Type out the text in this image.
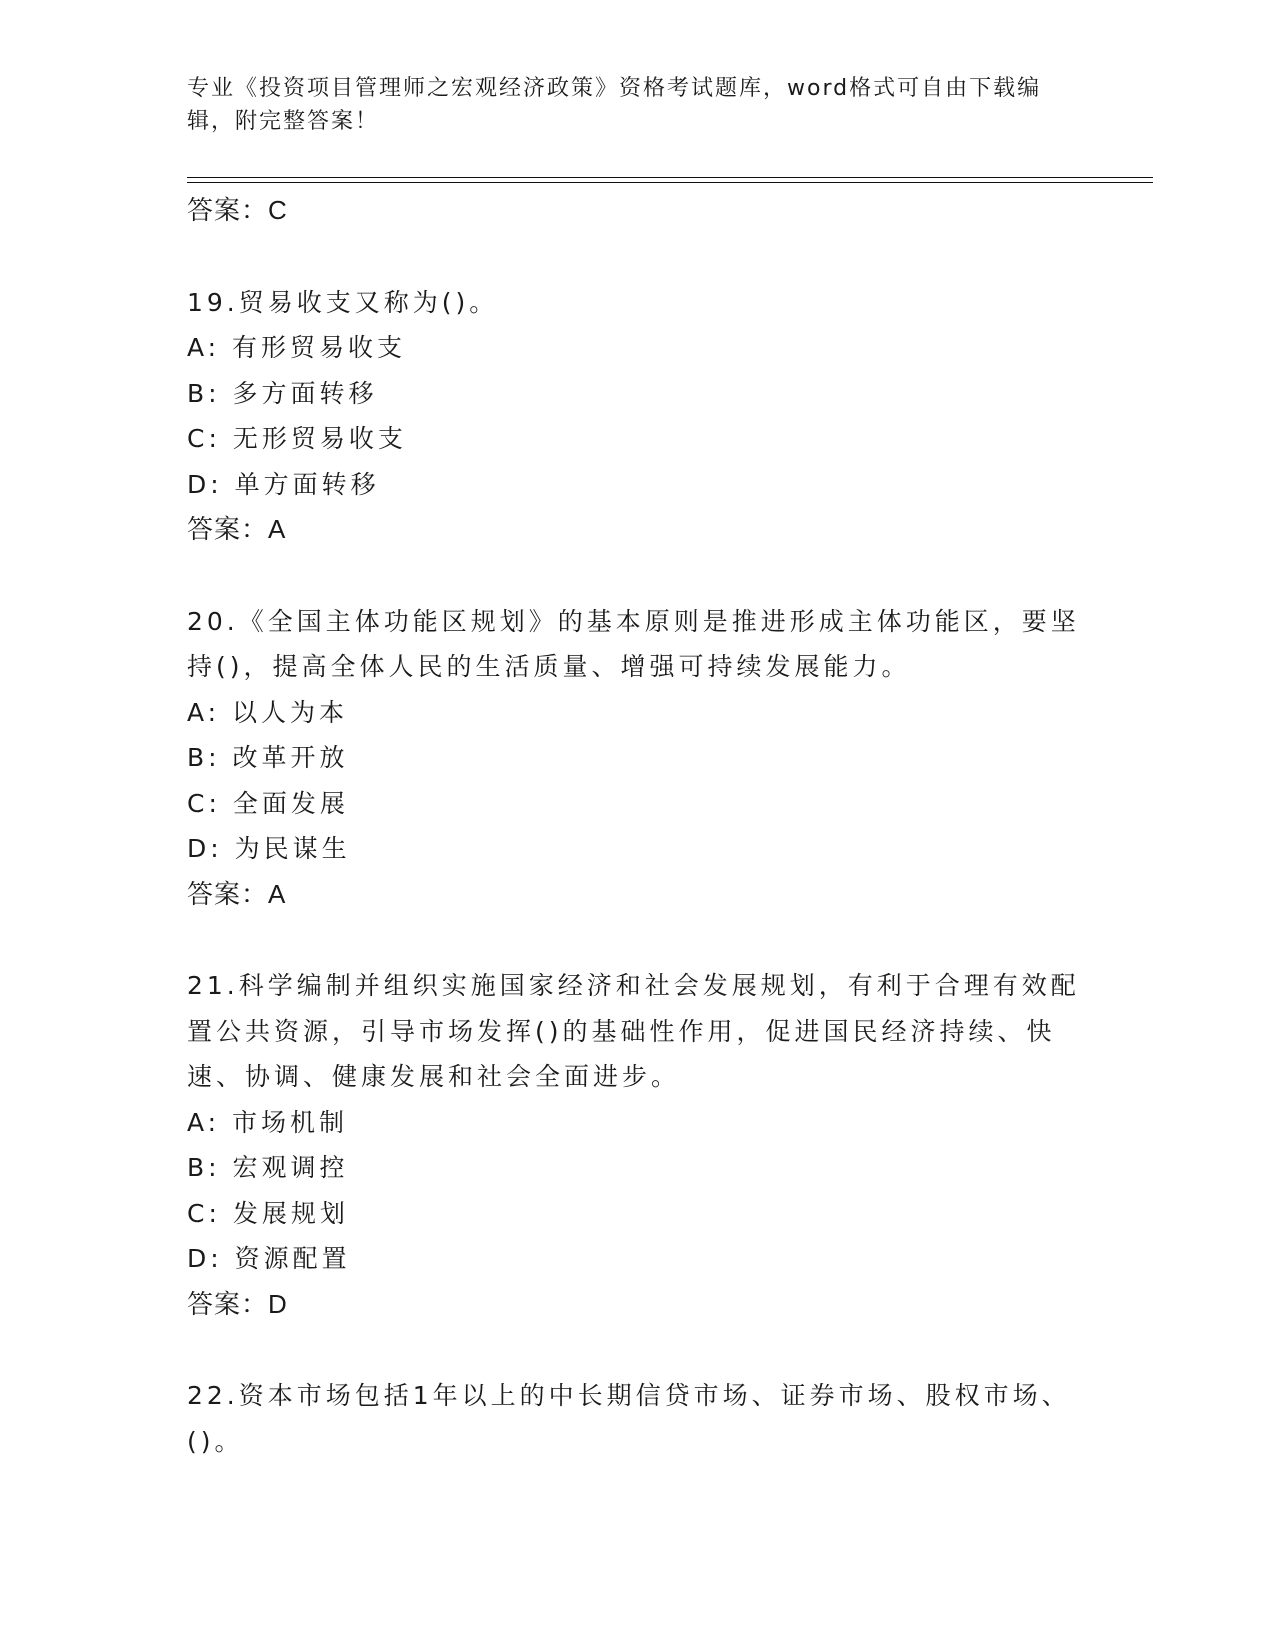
专业《投资项目管理师之宏观经济政策》资格考试题库，word格式可自由下载编辑，附完整答案！
答案：C
19.贸易收支又称为()。
A: 有形贸易收支
B: 多方面转移
C: 无形贸易收支
D: 单方面转移
答案：A
20.《全国主体功能区规划》的基本原则是推进形成主体功能区，要坚持()，提高全体人民的生活质量、增强可持续发展能力。
A: 以人为本
B: 改革开放
C: 全面发展
D: 为民谋生
答案：A
21.科学编制并组织实施国家经济和社会发展规划，有利于合理有效配置公共资源，引导市场发挥()的基础性作用，促进国民经济持续、快速、协调、健康发展和社会全面进步。
A: 市场机制
B: 宏观调控
C: 发展规划
D: 资源配置
答案：D
22.资本市场包括1年以上的中长期信贷市场、证券市场、股权市场、()。
